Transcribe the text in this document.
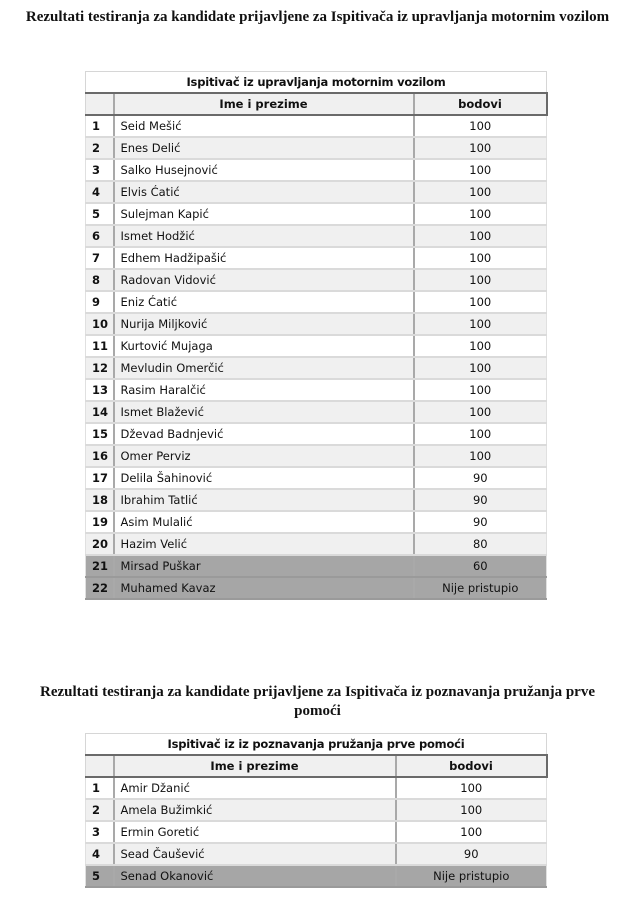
Rezultati testiranja za kandidate prijavljene za Ispitivača iz upravljanja motornim vozilom
Ispitivač iz upravljanja motornim vozilom		
	Ime i prezime	bodovi
1	Seid Mešić	100
2	Enes Delić	100
3	Salko Husejnović	100
4	Elvis Ćatić	100
5	Sulejman Kapić	100
6	Ismet Hodžić	100
7	Edhem Hadžipašić	100
8	Radovan Vidović	100
9	Eniz Ćatić	100
10	Nurija Miljković	100
11	Kurtović Mujaga	100
12	Mevludin Omerčić	100
13	Rasim Haralčić	100
14	Ismet Blažević	100
15	Dževad Badnjević	100
16	Omer Perviz	100
17	Delila Šahinović	90
18	Ibrahim Tatlić	90
19	Asim Mulalić	90
20	Hazim Velić	80
21	Mirsad Puškar	60
22	Muhamed Kavaz	Nije pristupio
Rezultati testiranja za kandidate prijavljene za Ispitivača iz poznavanja pružanja prve pomoći
Ispitivač iz iz poznavanja pružanja prve pomoći		
	Ime i prezime	bodovi
1	Amir Džanić	100
2	Amela Bužimkić	100
3	Ermin Goretić	100
4	Sead Čaušević	90
5	Senad Okanović	Nije pristupio
